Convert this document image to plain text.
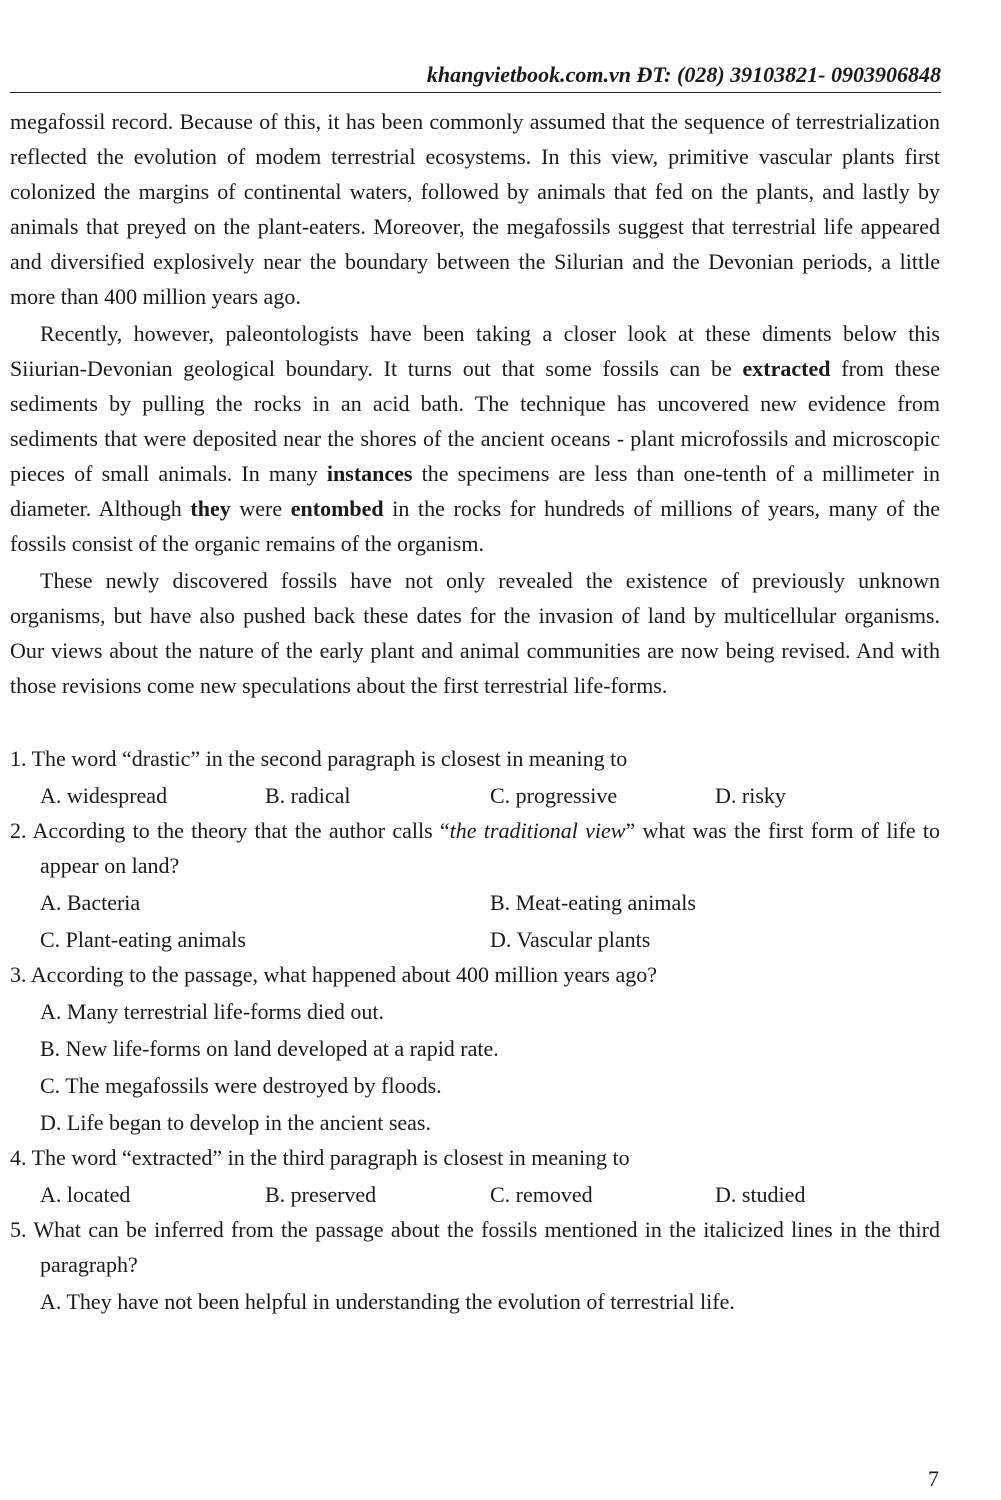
khangvietbook.com.vn ĐT: (028) 39103821- 0903906848

megafossil record. Because of this, it has been commonly assumed that the sequence of terrestrialization reflected the evolution of modem terrestrial ecosystems. In this view, primitive vascular plants first colonized the margins of continental waters, followed by animals that fed on the plants, and lastly by animals that preyed on the plant-eaters. Moreover, the megafossils suggest that terrestrial life appeared and diversified explosively near the boundary between the Silurian and the Devonian periods, a little more than 400 million years ago.

Recently, however, paleontologists have been taking a closer look at these diments below this Siiurian-Devonian geological boundary. It turns out that some fossils can be extracted from these sediments by pulling the rocks in an acid bath. The technique has uncovered new evidence from sediments that were deposited near the shores of the ancient oceans - plant microfossils and microscopic pieces of small animals. In many instances the specimens are less than one-tenth of a millimeter in diameter. Although they were entombed in the rocks for hundreds of millions of years, many of the fossils consist of the organic remains of the organism.

These newly discovered fossils have not only revealed the existence of previously unknown organisms, but have also pushed back these dates for the invasion of land by multicellular organisms. Our views about the nature of the early plant and animal communities are now being revised. And with those revisions come new speculations about the first terrestrial life-forms.

1. The word “drastic” in the second paragraph is closest in meaning to

A. widespread	B. radical	C. progressive	D. risky

2. According to the theory that the author calls “the traditional view” what was the first form of life to appear on land?

A. Bacteria	B. Meat-eating animals
C. Plant-eating animals	D. Vascular plants

3. According to the passage, what happened about 400 million years ago?

A. Many terrestrial life-forms died out.
B. New life-forms on land developed at a rapid rate.
C. The megafossils were destroyed by floods.
D. Life began to develop in the ancient seas.

4. The word “extracted” in the third paragraph is closest in meaning to

A. located	B. preserved	C. removed	D. studied

5. What can be inferred from the passage about the fossils mentioned in the italicized lines in the third paragraph?

A. They have not been helpful in understanding the evolution of terrestrial life.
7
